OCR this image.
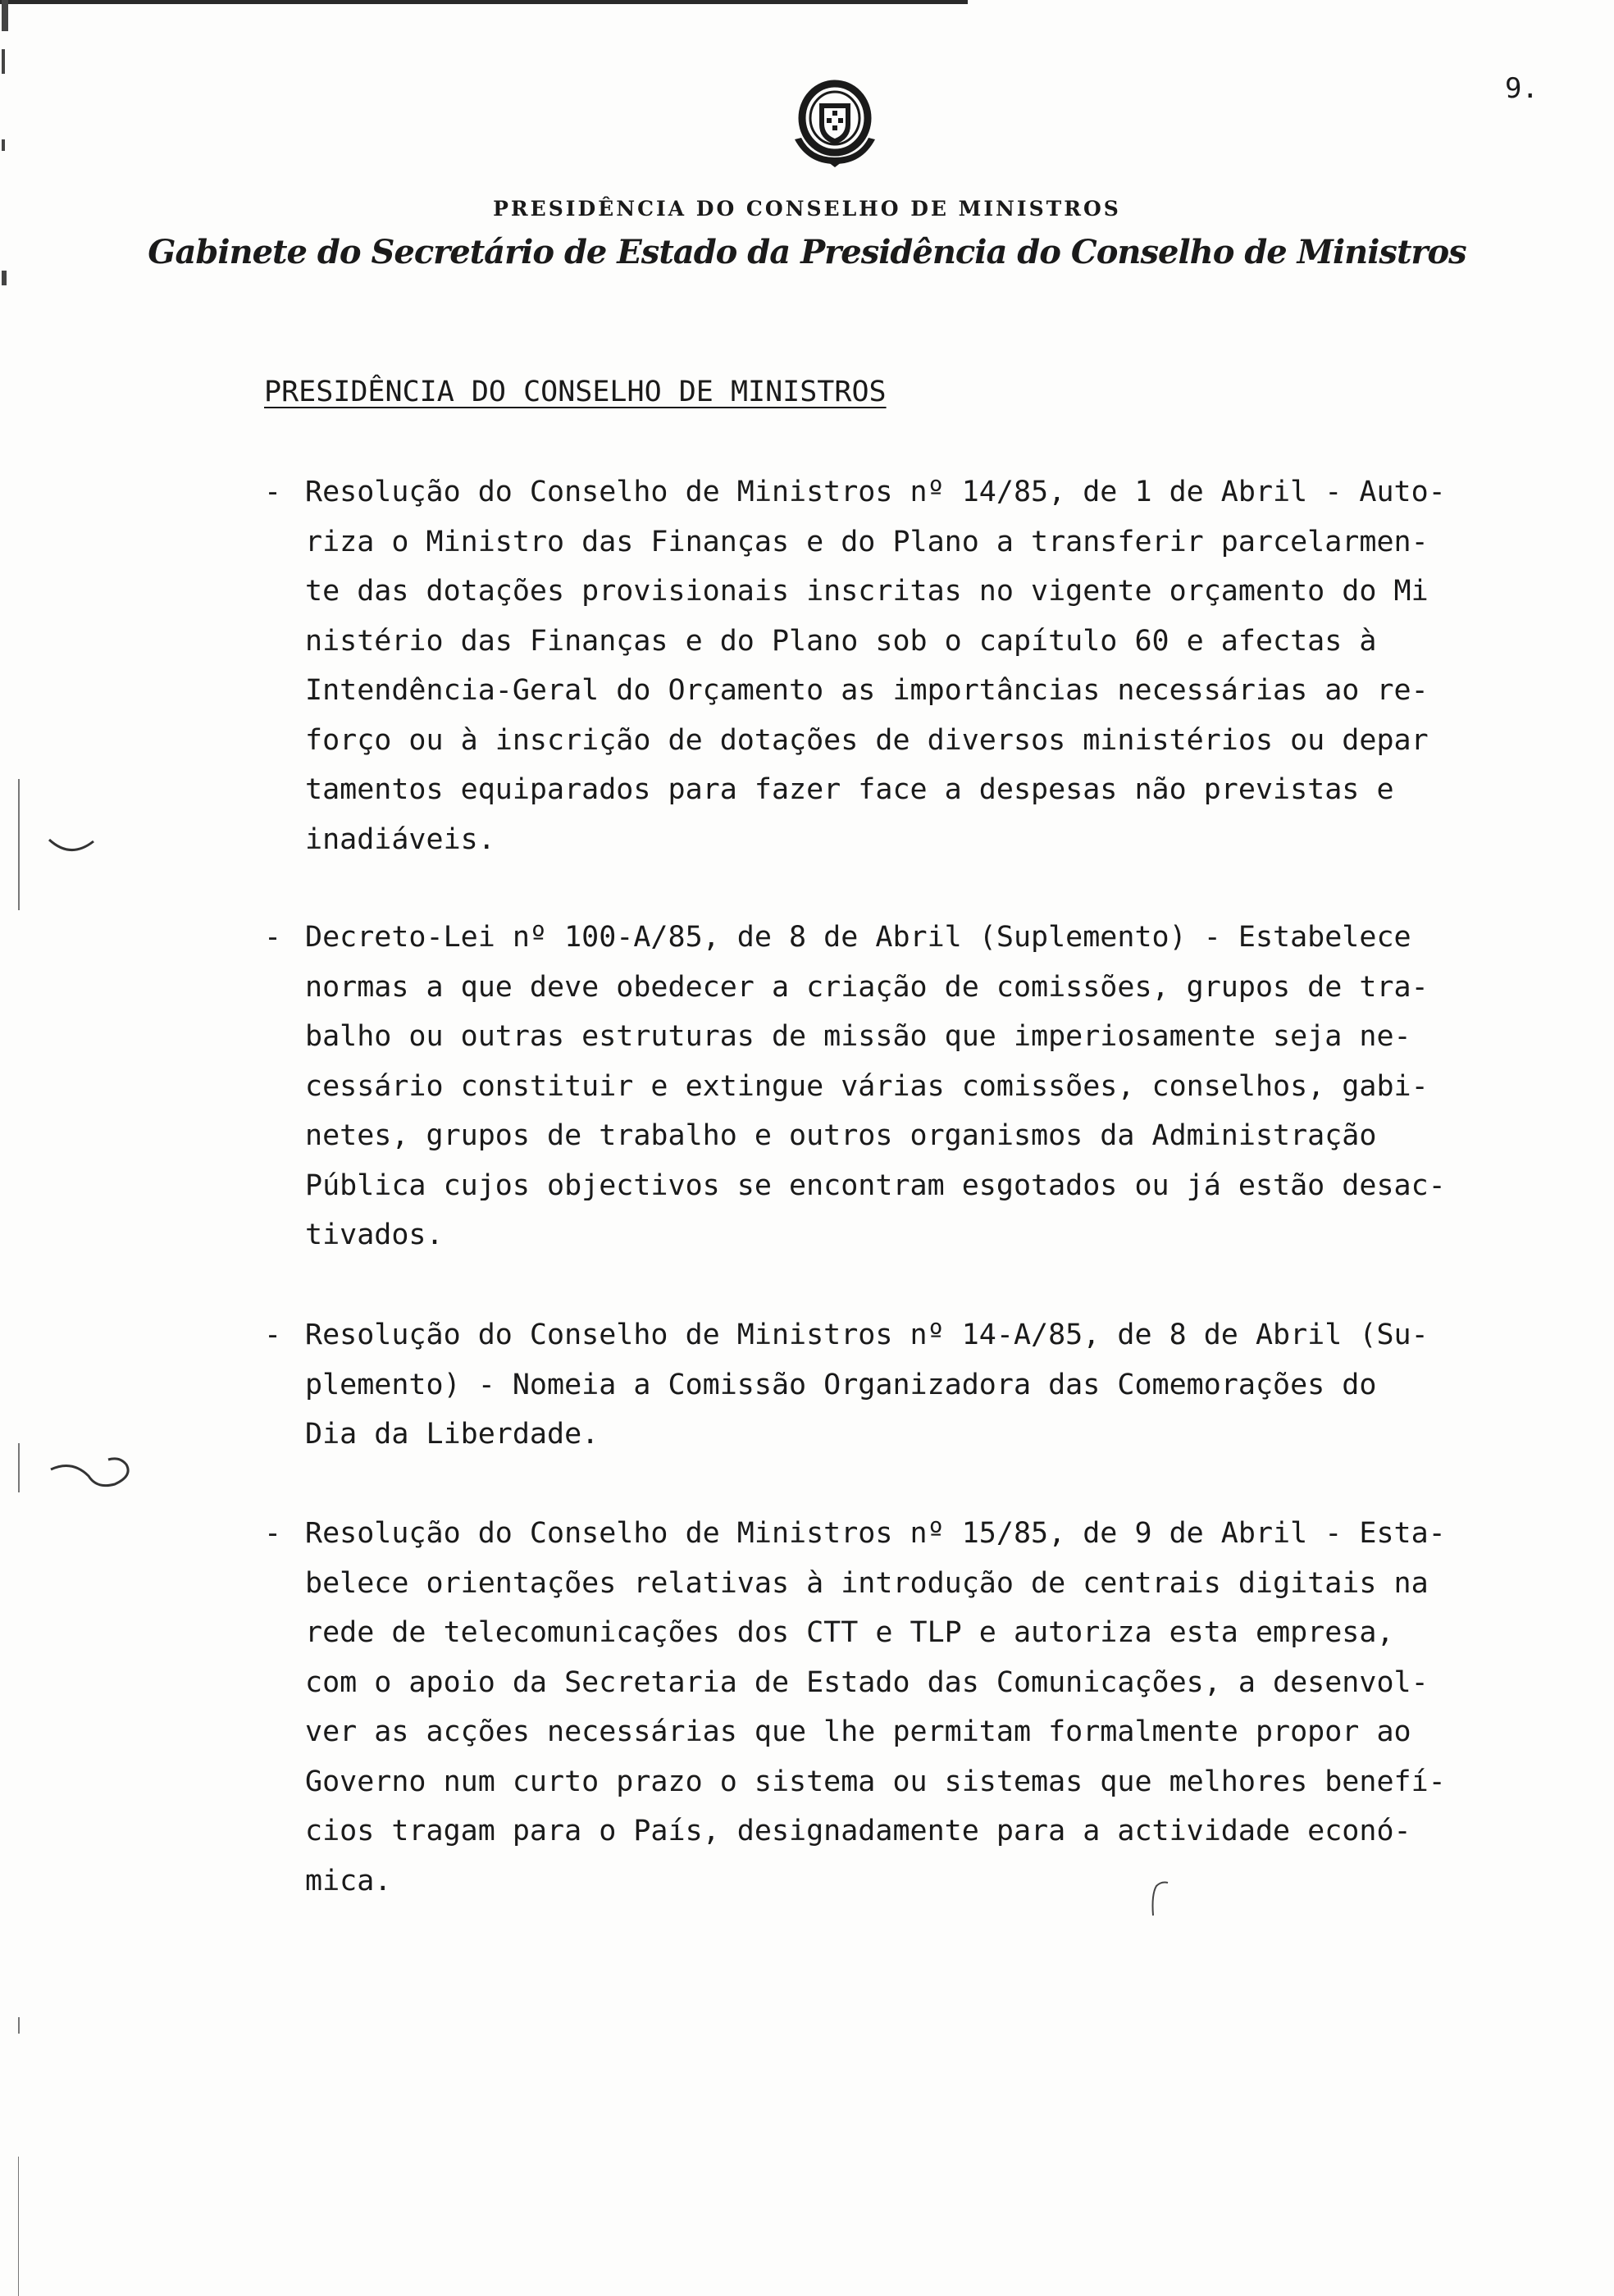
9.
PRESIDÊNCIA DO CONSELHO DE MINISTROS
Gabinete do Secretário de Estado da Presidência do Conselho de Ministros
PRESIDÊNCIA DO CONSELHO DE MINISTROS
- Resolução do Conselho de Ministros nº 14/85, de 1 de Abril - Auto-
riza o Ministro das Finanças e do Plano a transferir parcelarmen-
te das dotações provisionais inscritas no vigente orçamento do Mi
nistério das Finanças e do Plano sob o capítulo 60 e afectas à
Intendência-Geral do Orçamento as importâncias necessárias ao re-
forço ou à inscrição de dotações de diversos ministérios ou depar
tamentos equiparados para fazer face a despesas não previstas e
inadiáveis.
- Decreto-Lei nº 100-A/85, de 8 de Abril (Suplemento) - Estabelece
normas a que deve obedecer a criação de comissões, grupos de tra-
balho ou outras estruturas de missão que imperiosamente seja ne-
cessário constituir e extingue várias comissões, conselhos, gabi-
netes, grupos de trabalho e outros organismos da Administração
Pública cujos objectivos se encontram esgotados ou já estão desac-
tivados.
- Resolução do Conselho de Ministros nº 14-A/85, de 8 de Abril (Su-
plemento) - Nomeia a Comissão Organizadora das Comemorações do
Dia da Liberdade.
- Resolução do Conselho de Ministros nº 15/85, de 9 de Abril - Esta-
belece orientações relativas à introdução de centrais digitais na
rede de telecomunicações dos CTT e TLP e autoriza esta empresa,
com o apoio da Secretaria de Estado das Comunicações, a desenvol-
ver as acções necessárias que lhe permitam formalmente propor ao
Governo num curto prazo o sistema ou sistemas que melhores benefí-
cios tragam para o País, designadamente para a actividade econó-
mica.
